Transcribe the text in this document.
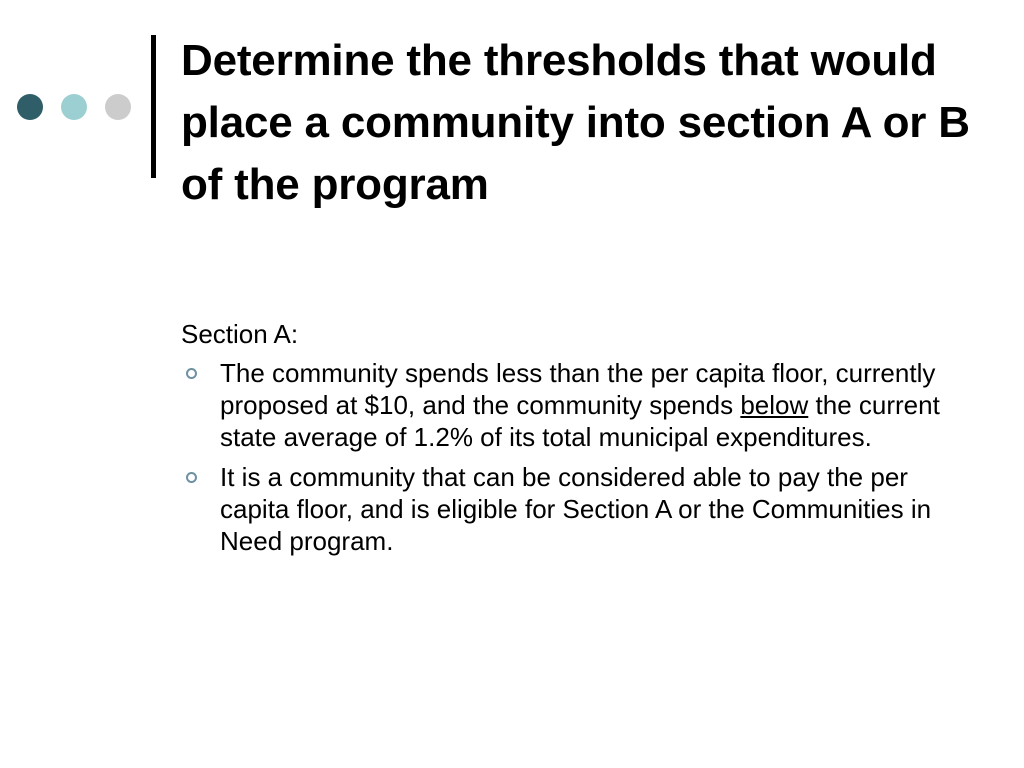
Determine the thresholds that would place a community into section A or B of the program

Section A:

The community spends less than the per capita floor, currently proposed at $10, and the community spends below the current state average of 1.2% of its total municipal expenditures.
It is a community that can be considered able to pay the per capita floor, and is eligible for Section A or the Communities in Need program.
